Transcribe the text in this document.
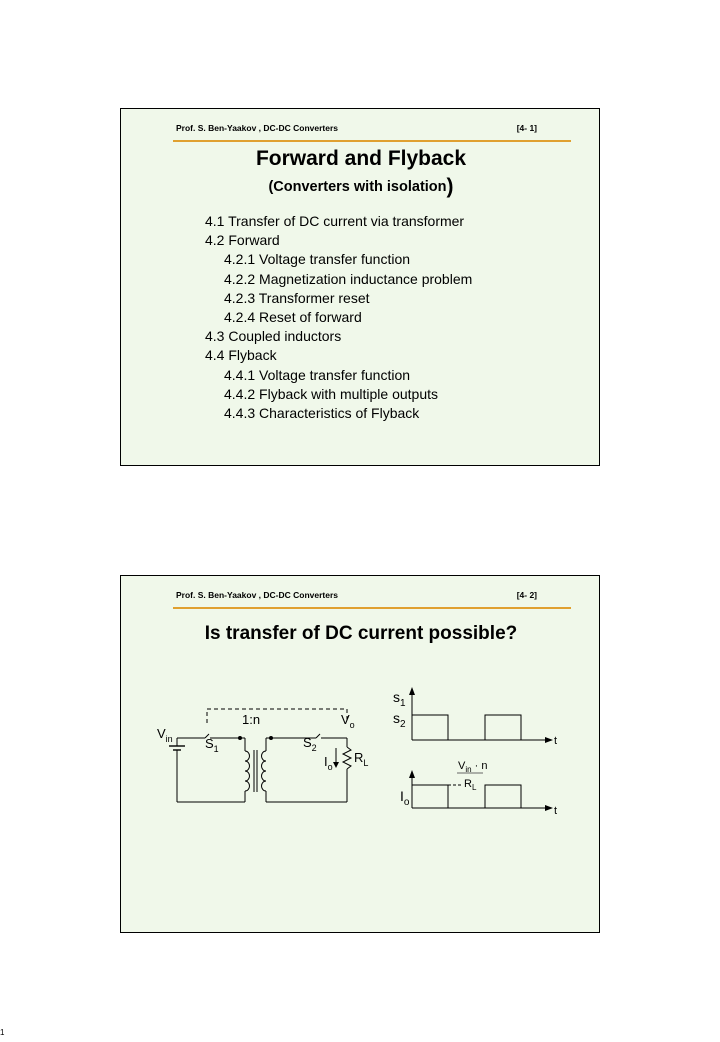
Prof. S. Ben-Yaakov , DC-DC Converters	[4- 1]
Forward and Flyback
(Converters with isolation)
4.1 Transfer of DC current via transformer
4.2 Forward
4.2.1 Voltage transfer function
4.2.2 Magnetization inductance problem
4.2.3 Transformer reset
4.2.4 Reset of forward
4.3 Coupled inductors
4.4 Flyback
4.4.1 Voltage transfer function
4.4.2 Flyback with multiple outputs
4.4.3 Characteristics of Flyback
Prof. S. Ben-Yaakov , DC-DC Converters	[4- 2]
Is transfer of DC current possible?
1:n
$V_{in}$
$V_o$
$S_1$	$S_2$
$R_L$
$I_o$
$s_1$
$s_2$
t
t
$I_o$
$V_{in} \cdot n$
$R_L$
1
